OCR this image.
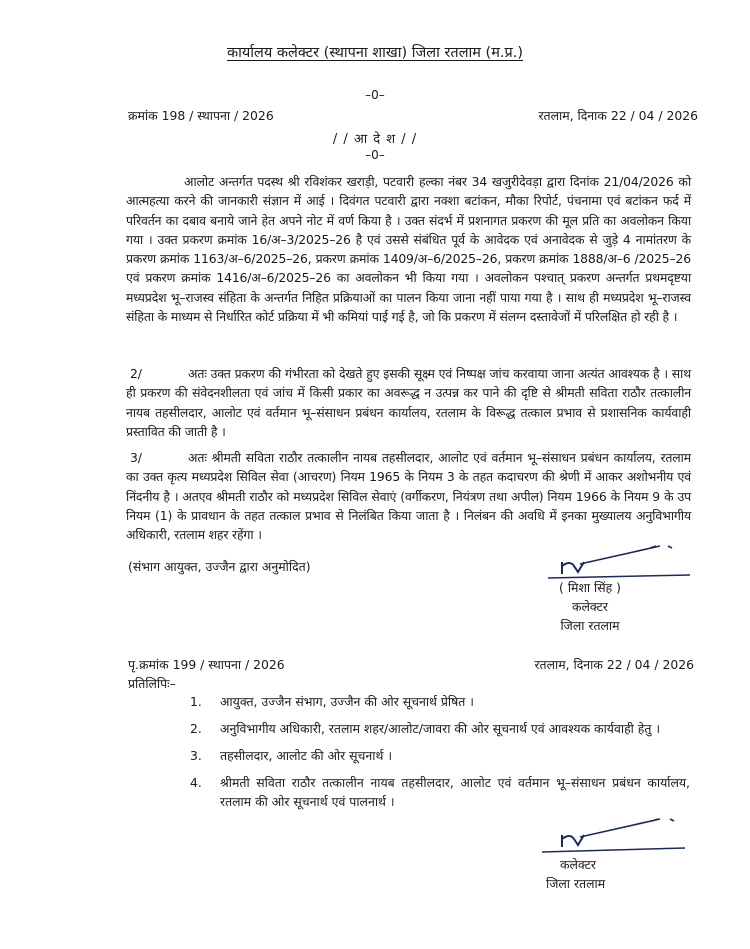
कार्यालय कलेक्टर (स्थापना शाखा) जिला रतलाम (म.प्र.)
–0–
क्रमांक 198 / स्थापना / 2026	रतलाम, दिनाक 22 / 04 / 2026
/ / आ दे श / /
–0–
आलोट अन्तर्गत पदस्थ श्री रविशंकर खराड़ी, पटवारी हल्का नंबर 34 खजुरीदेवड़ा द्वारा दिनांक 21/04/2026 को आत्महत्या करने की जानकारी संज्ञान में आई । दिवंगत पटवारी द्वारा नक्शा बटांकन, मौका रिपोर्ट, पंचनामा एवं बटांकन फर्द में परिवर्तन का दबाव बनाये जाने हेत अपने नोट में वर्ण किया है । उक्त संदर्भ में प्रशनागत प्रकरण की मूल प्रति का अवलोकन किया गया । उक्त प्रकरण क्रमांक 16/अ–3/2025–26 है एवं उससे संबंधित पूर्व के आवेदक एवं अनावेदक से जुड़े 4 नामांतरण के प्रकरण क्रमांक 1163/अ–6/2025–26, प्रकरण क्रमांक 1409/अ–6/2025–26, प्रकरण क्रमांक 1888/अ–6 /2025–26 एवं प्रकरण क्रमांक 1416/अ–6/2025–26 का अवलोकन भी किया गया । अवलोकन पश्चात् प्रकरण अन्तर्गत प्रथमदृष्टया मध्यप्रदेश भू–राजस्व संहिता के अन्तर्गत निहित प्रक्रियाओं का पालन किया जाना नहीं पाया गया है । साथ ही मध्यप्रदेश भू–राजस्व संहिता के माध्यम से निर्धारित कोर्ट प्रक्रिया में भी कमियां पाई गई है, जो कि प्रकरण में संलग्न दस्तावेजों में परिलक्षित हो रही है ।
2/	अतः उक्त प्रकरण की गंभीरता को देखते हुए इसकी सूक्ष्म एवं निष्पक्ष जांच करवाया जाना अत्यंत आवश्यक है । साथ ही प्रकरण की संवेदनशीलता एवं जांच में किसी प्रकार का अवरूद्ध न उत्पन्न कर पाने की दृष्टि से श्रीमती सविता राठौर तत्कालीन नायब तहसीलदार, आलोट एवं वर्तमान भू–संसाधन प्रबंधन कार्यालय, रतलाम के विरूद्ध तत्काल प्रभाव से प्रशासनिक कार्यवाही प्रस्तावित की जाती है ।
3/	अतः श्रीमती सविता राठौर तत्कालीन नायब तहसीलदार, आलोट एवं वर्तमान भू–संसाधन प्रबंधन कार्यालय, रतलाम का उक्त कृत्य मध्यप्रदेश सिविल सेवा (आचरण) नियम 1965 के नियम 3 के तहत कदाचरण की श्रेणी में आकर अशोभनीय एवं निंदनीय है । अतएव श्रीमती राठौर को मध्यप्रदेश सिविल सेवाएं (वर्गीकरण, नियंत्रण तथा अपील) नियम 1966 के नियम 9 के उप नियम (1) के प्रावधान के तहत तत्काल प्रभाव से निलंबित किया जाता है । निलंबन की अवधि में इनका मुख्यालय अनुविभागीय अधिकारी, रतलाम शहर रहेंगा ।
(संभाग आयुक्त, उज्जैन द्वारा अनुमोदित)
( मिशा सिंह )
कलेक्टर
जिला रतलाम
पृ.क्रमांक 199 / स्थापना / 2026	रतलाम, दिनाक 22 / 04 / 2026
प्रतिलिपिः–
1. आयुक्त, उज्जैन संभाग, उज्जैन की ओर सूचनार्थ प्रेषित ।
2. अनुविभागीय अधिकारी, रतलाम शहर/आलोट/जावरा की ओर सूचनार्थ एवं आवश्यक कार्यवाही हेतु ।
3. तहसीलदार, आलोट की ओर सूचनार्थ ।
4. श्रीमती सविता राठौर तत्कालीन नायब तहसीलदार, आलोट एवं वर्तमान भू–संसाधन प्रबंधन कार्यालय, रतलाम की ओर सूचनार्थ एवं पालनार्थ ।
कलेक्टर
जिला रतलाम
